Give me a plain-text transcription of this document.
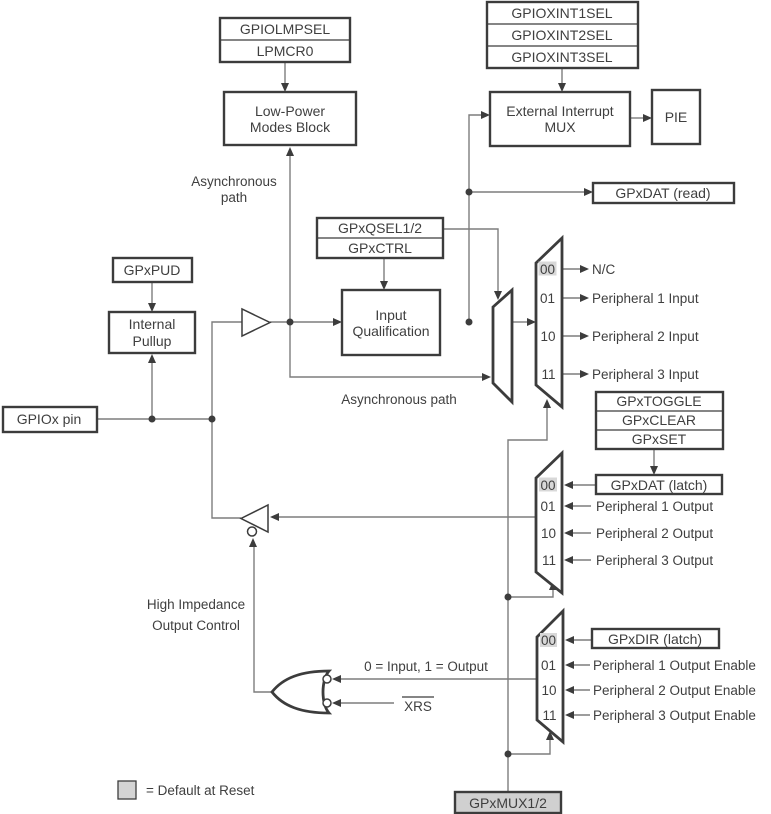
GPIOLMPSEL
LPMCR0
Low-Power
Modes Block
GPIOXINT1SEL
GPIOXINT2SEL
GPIOXINT3SEL
External Interrupt
MUX
PIE
GPxDAT (read)
GPxQSEL1/2
GPxCTRL
Input
Qualification
GPxPUD
Internal
Pullup
GPIOx pin
GPxTOGGLE
GPxCLEAR
GPxSET
GPxDAT (latch)
GPxDIR (latch)
GPxMUX1/2
00
01
10
11
N/C
Peripheral 1 Input
Peripheral 2 Input
Peripheral 3 Input
00
01
10
11
Peripheral 1 Output
Peripheral 2 Output
Peripheral 3 Output
00
01
10
11
Peripheral 1 Output Enable
Peripheral 2 Output Enable
Peripheral 3 Output Enable
Asynchronous
path
Asynchronous path
High Impedance
Output Control
0 = Input, 1 = Output
XRS
= Default at Reset
